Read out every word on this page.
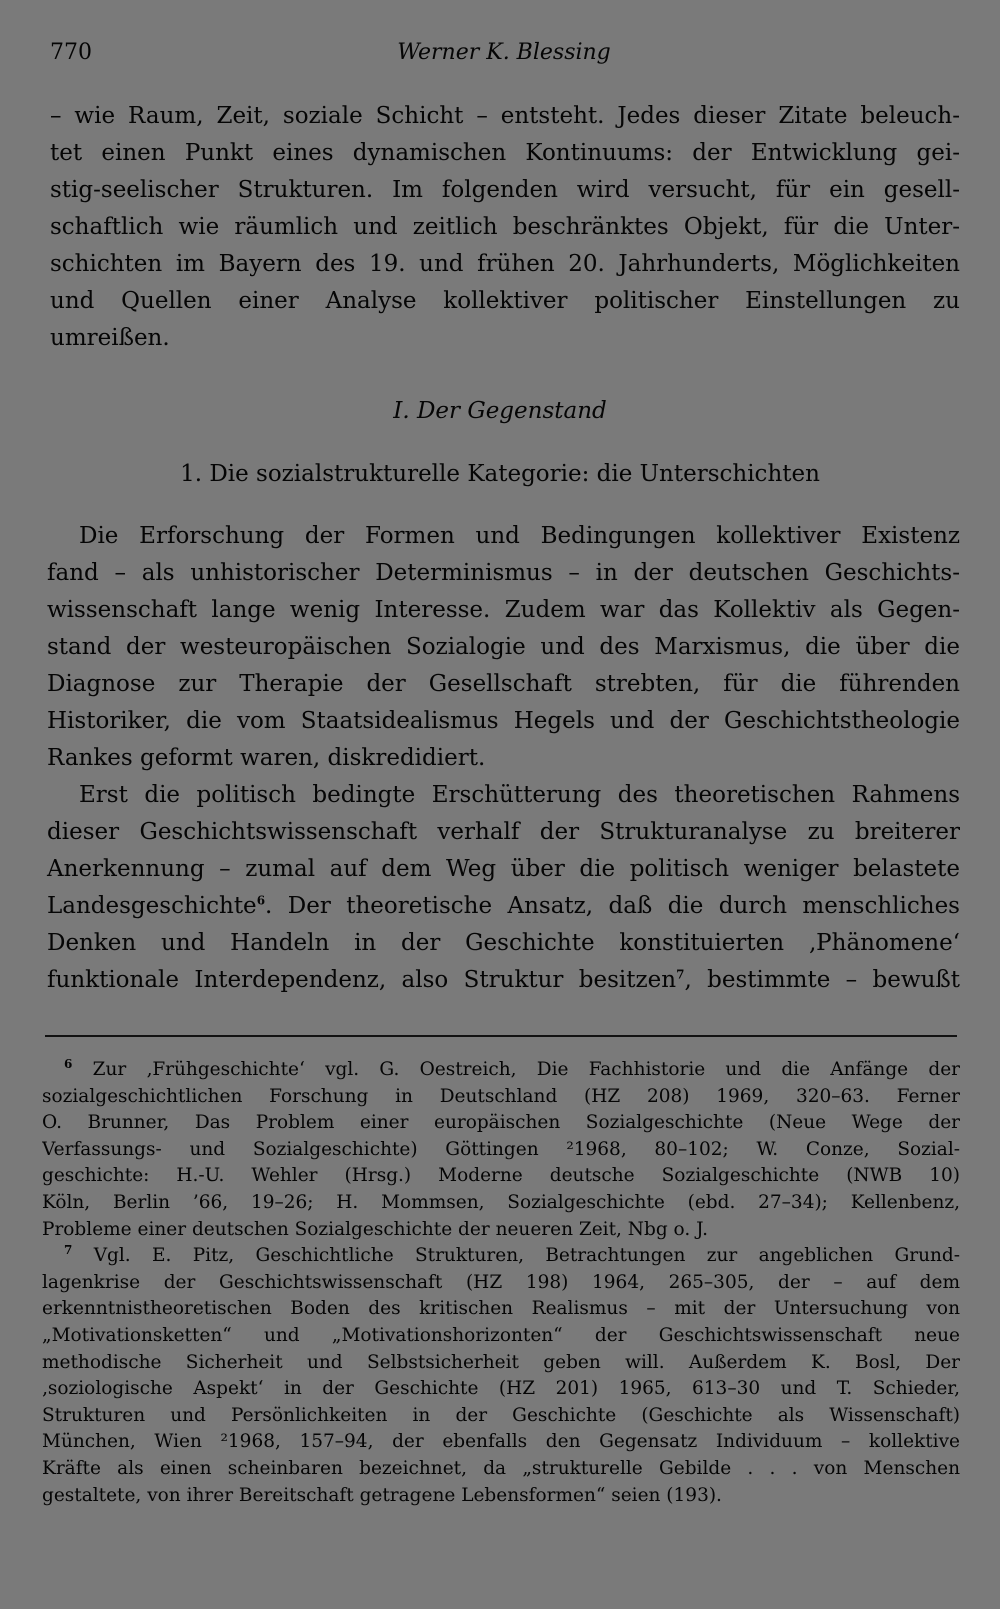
770	Werner K. Blessing

– wie Raum, Zeit, soziale Schicht – entsteht. Jedes dieser Zitate beleuch-

tet einen Punkt eines dynamischen Kontinuums: der Entwicklung gei-

stig-seelischer Strukturen. Im folgenden wird versucht, für ein gesell-

schaftlich wie räumlich und zeitlich beschränktes Objekt, für die Unter-

schichten im Bayern des 19. und frühen 20. Jahrhunderts, Möglichkeiten

und Quellen einer Analyse kollektiver politischer Einstellungen zu

umreißen.

I. Der Gegenstand
1. Die sozialstrukturelle Kategorie: die Unterschichten

Die Erforschung der Formen und Bedingungen kollektiver Existenz

fand – als unhistorischer Determinismus – in der deutschen Geschichts-

wissenschaft lange wenig Interesse. Zudem war das Kollektiv als Gegen-

stand der westeuropäischen Sozialogie und des Marxismus, die über die

Diagnose zur Therapie der Gesellschaft strebten, für die führenden

Historiker, die vom Staatsidealismus Hegels und der Geschichtstheologie

Rankes geformt waren, diskredidiert.

Erst die politisch bedingte Erschütterung des theoretischen Rahmens

dieser Geschichtswissenschaft verhalf der Strukturanalyse zu breiterer

Anerkennung – zumal auf dem Weg über die politisch weniger belastete

Landesgeschichte$^6$. Der theoretische Ansatz, daß die durch menschliches

Denken und Handeln in der Geschichte konstituierten ‚Phänomene‘

funktionale Interdependenz, also Struktur besitzen$^7$, bestimmte – bewußt

$^6$ Zur ‚Frühgeschichte‘ vgl. G. Oestreich, Die Fachhistorie und die Anfänge der

sozialgeschichtlichen Forschung in Deutschland (HZ 208) 1969, 320–63. Ferner

O. Brunner, Das Problem einer europäischen Sozialgeschichte (Neue Wege der

Verfassungs- und Sozialgeschichte) Göttingen ²1968, 80–102; W. Conze, Sozial-

geschichte: H.-U. Wehler (Hrsg.) Moderne deutsche Sozialgeschichte (NWB 10)

Köln, Berlin ’66, 19–26; H. Mommsen, Sozialgeschichte (ebd. 27–34); Kellenbenz,

Probleme einer deutschen Sozialgeschichte der neueren Zeit, Nbg o. J.

$^7$ Vgl. E. Pitz, Geschichtliche Strukturen, Betrachtungen zur angeblichen Grund-

lagenkrise der Geschichtswissenschaft (HZ 198) 1964, 265–305, der – auf dem

erkenntnistheoretischen Boden des kritischen Realismus – mit der Untersuchung von

„Motivationsketten“ und „Motivationshorizonten“ der Geschichtswissenschaft neue

methodische Sicherheit und Selbstsicherheit geben will. Außerdem K. Bosl, Der

‚soziologische Aspekt‘ in der Geschichte (HZ 201) 1965, 613–30 und T. Schieder,

Strukturen und Persönlichkeiten in der Geschichte (Geschichte als Wissenschaft)

München, Wien ²1968, 157–94, der ebenfalls den Gegensatz Individuum – kollektive

Kräfte als einen scheinbaren bezeichnet, da „strukturelle Gebilde . . . von Menschen

gestaltete, von ihrer Bereitschaft getragene Lebensformen“ seien (193).
